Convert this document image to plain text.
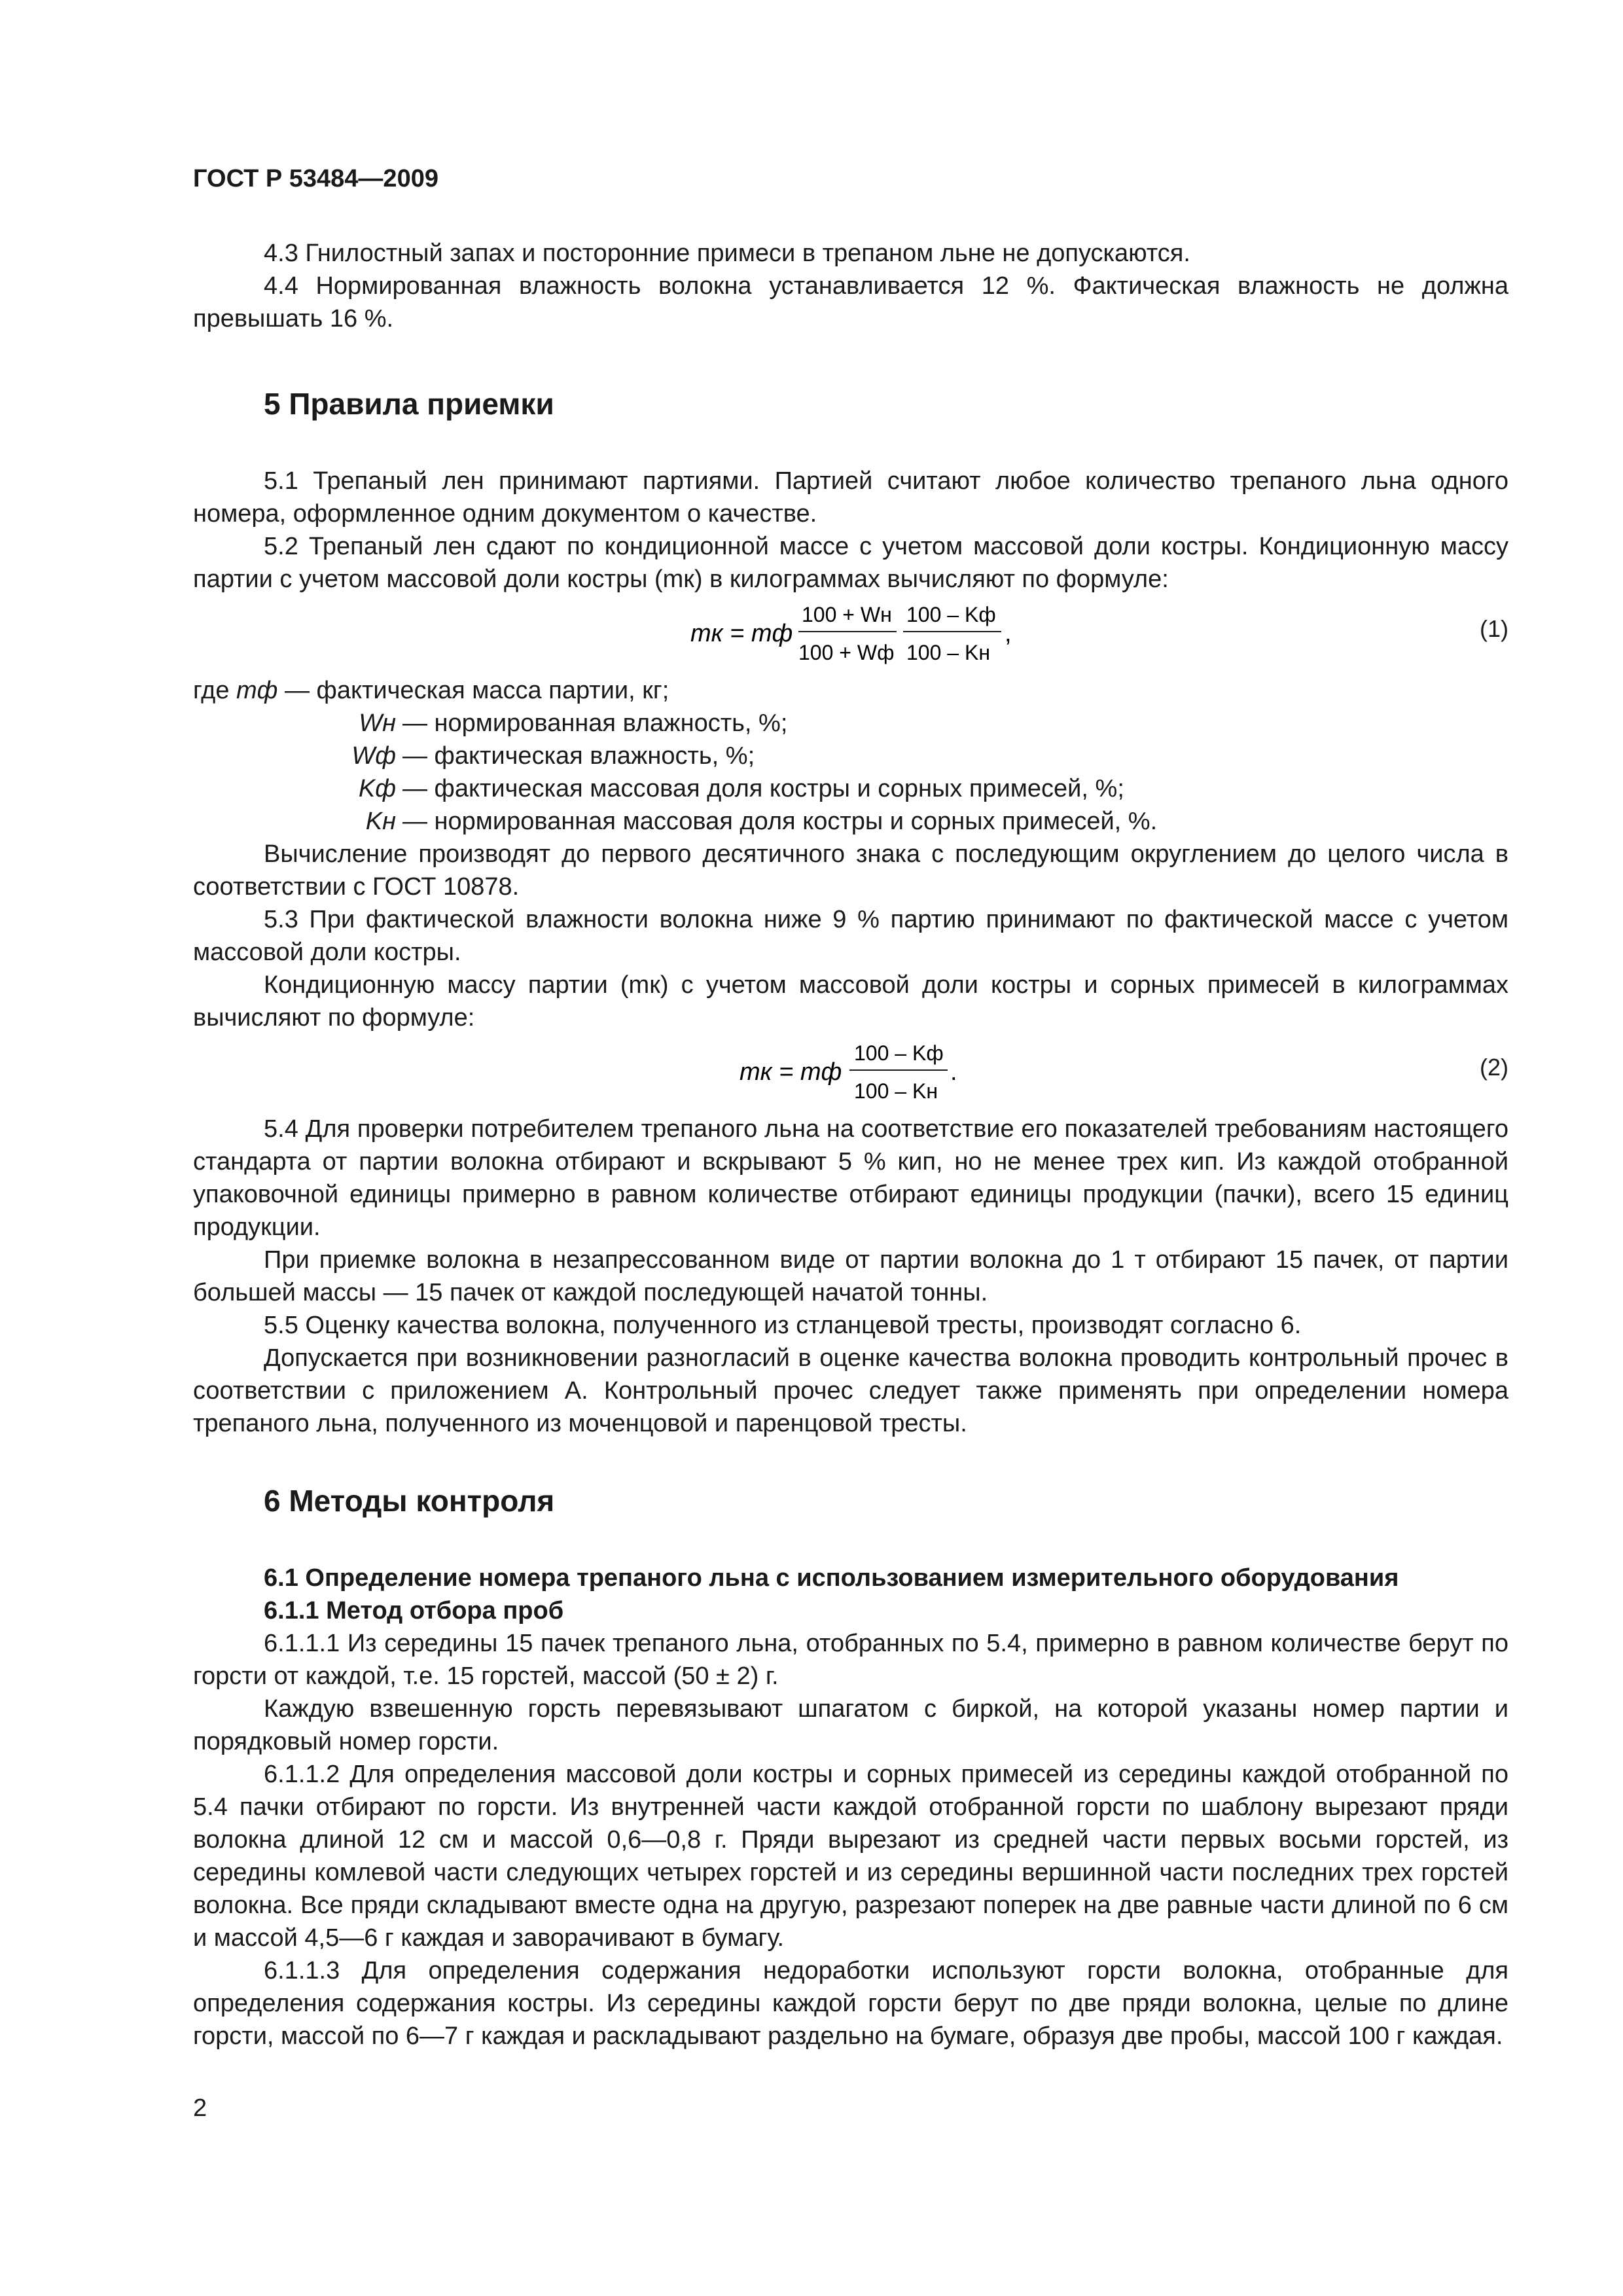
ГОСТ Р 53484—2009

4.3 Гнилостный запах и посторонние примеси в трепаном льне не допускаются.

4.4 Нормированная влажность волокна устанавливается 12 %. Фактическая влажность не должна превышать 16 %.

5 Правила приемки

5.1 Трепаный лен принимают партиями. Партией считают любое количество трепаного льна одного номера, оформленное одним документом о качестве.

5.2 Трепаный лен сдают по кондиционной массе с учетом массовой доли костры. Кондиционную массу партии с учетом массовой доли костры (mк) в килограммах вычисляют по формуле:

mк = mф
100 + Wн
100 + Wф
100 – Kф
100 – Kн
,	(1)
где
mф
— фактическая масса партии, кг;
Wн — нормированная влажность, %;
Wф — фактическая влажность, %;
Kф — фактическая массовая доля костры и сорных примесей, %;
Kн — нормированная массовая доля костры и сорных примесей, %.

Вычисление производят до первого десятичного знака с последующим округлением до целого числа в соответствии с ГОСТ 10878.

5.3 При фактической влажности волокна ниже 9 % партию принимают по фактической массе с учетом массовой доли костры.

Кондиционную массу партии (mк) с учетом массовой доли костры и сорных примесей в килограммах вычисляют по формуле:

mк = mф
100 – Kф
100 – Kн
.	(2)

5.4 Для проверки потребителем трепаного льна на соответствие его показателей требованиям настоящего стандарта от партии волокна отбирают и вскрывают 5 % кип, но не менее трех кип. Из каждой отобранной упаковочной единицы примерно в равном количестве отбирают единицы продукции (пачки), всего 15 единиц продукции.

При приемке волокна в незапрессованном виде от партии волокна до 1 т отбирают 15 пачек, от партии большей массы — 15 пачек от каждой последующей начатой тонны.

5.5 Оценку качества волокна, полученного из стланцевой тресты, производят согласно 6.

Допускается при возникновении разногласий в оценке качества волокна проводить контрольный прочес в соответствии с приложением А. Контрольный прочес следует также применять при определении номера трепаного льна, полученного из моченцовой и паренцовой тресты.

6 Методы контроля
6.1 Определение номера трепаного льна с использованием измерительного оборудования
6.1.1 Метод отбора проб

6.1.1.1 Из середины 15 пачек трепаного льна, отобранных по 5.4, примерно в равном количестве берут по горсти от каждой, т.е. 15 горстей, массой (50 ± 2) г.

Каждую взвешенную горсть перевязывают шпагатом с биркой, на которой указаны номер партии и порядковый номер горсти.

6.1.1.2 Для определения массовой доли костры и сорных примесей из середины каждой отобранной по 5.4 пачки отбирают по горсти. Из внутренней части каждой отобранной горсти по шаблону вырезают пряди волокна длиной 12 см и массой 0,6—0,8 г. Пряди вырезают из средней части первых восьми горстей, из середины комлевой части следующих четырех горстей и из середины вершинной части последних трех горстей волокна. Все пряди складывают вместе одна на другую, разрезают поперек на две равные части длиной по 6 см и массой 4,5—6 г каждая и заворачивают в бумагу.

6.1.1.3 Для определения содержания недоработки используют горсти волокна, отобранные для определения содержания костры. Из середины каждой горсти берут по две пряди волокна, целые по длине горсти, массой по 6—7 г каждая и раскладывают раздельно на бумаге, образуя две пробы, массой 100 г каждая.

2
